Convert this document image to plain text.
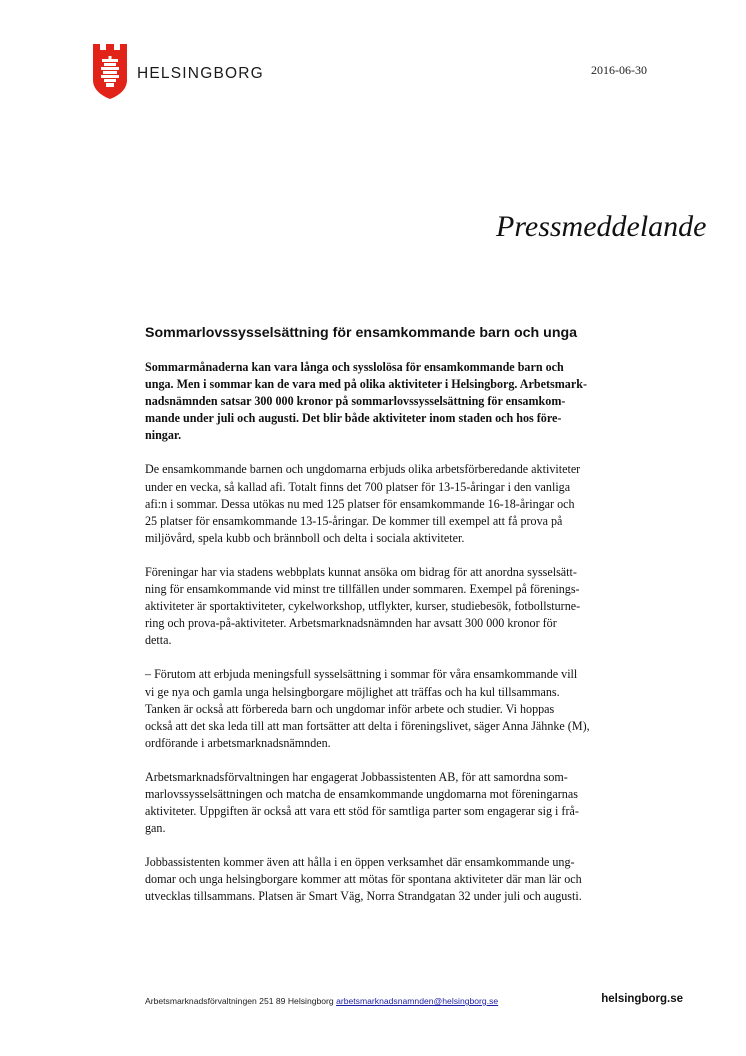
HELSINGBORG	2016-06-30
Pressmeddelande
Sommarlovssysselsättning för ensamkommande barn och unga

Sommarmånaderna kan vara långa och sysslolösa för ensamkommande barn och
unga. Men i sommar kan de vara med på olika aktiviteter i Helsingborg. Arbetsmark-
nadsnämnden satsar 300 000 kronor på sommarlovssysselsättning för ensamkom-
mande under juli och augusti. Det blir både aktiviteter inom staden och hos före-
ningar.

De ensamkommande barnen och ungdomarna erbjuds olika arbetsförberedande aktiviteter
under en vecka, så kallad afi. Totalt finns det 700 platser för 13-15-åringar i den vanliga
afi:n i sommar. Dessa utökas nu med 125 platser för ensamkommande 16-18-åringar och
25 platser för ensamkommande 13-15-åringar. De kommer till exempel att få prova på
miljövård, spela kubb och brännboll och delta i sociala aktiviteter.

Föreningar har via stadens webbplats kunnat ansöka om bidrag för att anordna sysselsätt-
ning för ensamkommande vid minst tre tillfällen under sommaren. Exempel på förenings-
aktiviteter är sportaktiviteter, cykelworkshop, utflykter, kurser, studiebesök, fotbollsturne-
ring och prova-på-aktiviteter. Arbetsmarknadsnämnden har avsatt 300 000 kronor för
detta.

– Förutom att erbjuda meningsfull sysselsättning i sommar för våra ensamkommande vill
vi ge nya och gamla unga helsingborgare möjlighet att träffas och ha kul tillsammans.
Tanken är också att förbereda barn och ungdomar inför arbete och studier. Vi hoppas
också att det ska leda till att man fortsätter att delta i föreningslivet, säger Anna Jähnke (M),
ordförande i arbetsmarknadsnämnden.

Arbetsmarknadsförvaltningen har engagerat Jobbassistenten AB, för att samordna som-
marlovssysselsättningen och matcha de ensamkommande ungdomarna mot föreningarnas
aktiviteter. Uppgiften är också att vara ett stöd för samtliga parter som engagerar sig i frå-
gan.

Jobbassistenten kommer även att hålla i en öppen verksamhet där ensamkommande ung-
domar och unga helsingborgare kommer att mötas för spontana aktiviteter där man lär och
utvecklas tillsammans. Platsen är Smart Väg, Norra Strandgatan 32 under juli och augusti.

Arbetsmarknadsförvaltningen 251 89 Helsingborg arbetsmarknadsnamnden@helsingborg.se	helsingborg.se
